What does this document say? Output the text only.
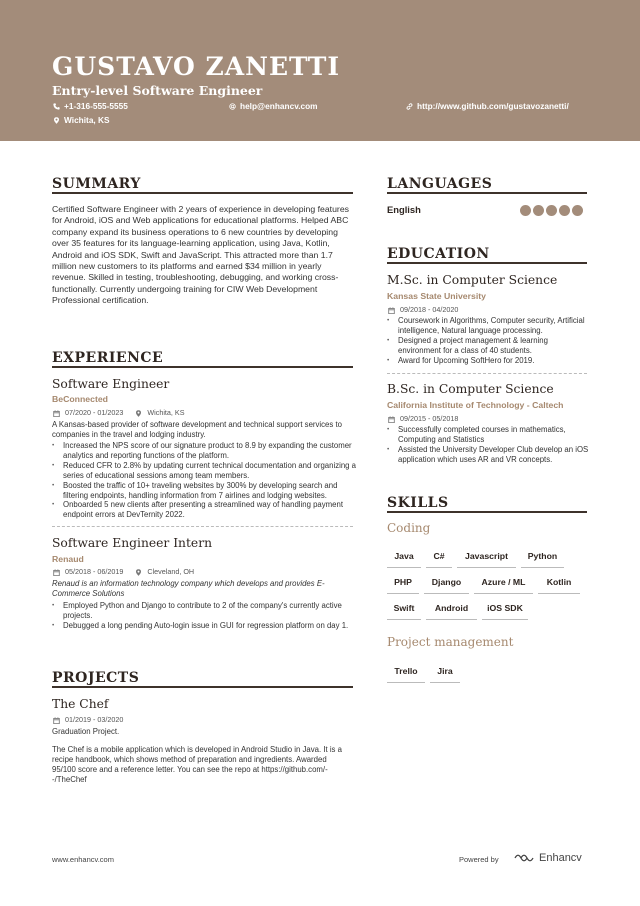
GUSTAVO ZANETTI
Entry-level Software Engineer
+1-316-555-5555	help@enhancv.com	http://www.github.com/gustavozanetti/
Wichita, KS
SUMMARY
Certified Software Engineer with 2 years of experience in developing features for Android, iOS and Web applications for educational platforms. Helped ABC company expand its business operations to 6 new countries by developing over 35 features for its language-learning application, using Java, Kotlin, Android and iOS SDK, Swift and JavaScript. This attracted more than 1.7 million new customers to its platforms and earned $34 million in yearly revenue. Skilled in testing, troubleshooting, debugging, and working cross-functionally. Currently undergoing training for CIW Web Development Professional certification.
EXPERIENCE
Software Engineer
BeConnected
07/2020 - 01/2023	Wichita, KS
A Kansas-based provider of software development and technical support services to companies in the travel and lodging industry.
• Increased the NPS score of our signature product to 8.9 by expanding the customer analytics and reporting functions of the platform.
• Reduced CFR to 2.8% by updating current technical documentation and organizing a series of educational sessions among team members.
• Boosted the traffic of 10+ traveling websites by 300% by developing search and filtering endpoints, handling information from 7 airlines and lodging websites.
• Onboarded 5 new clients after presenting a streamlined way of handling payment endpoint errors at DevTernity 2022.
Software Engineer Intern
Renaud
05/2018 - 06/2019	Cleveland, OH
Renaud is an information technology company which develops and provides E-Commerce Solutions
• Employed Python and Django to contribute to 2 of the company's currently active projects.
• Debugged a long pending Auto-login issue in GUI for regression platform on day 1.
PROJECTS
The Chef
01/2019 - 03/2020
Graduation Project.
The Chef is a mobile application which is developed in Android Studio in Java. It is a recipe handbook, which shows method of preparation and ingredients. Awarded 95/100 score and a reference letter. You can see the repo at https://github.com/--/TheChef
LANGUAGES
English
EDUCATION
M.Sc. in Computer Science
Kansas State University
09/2018 - 04/2020
• Coursework in Algorithms, Computer security, Artificial intelligence, Natural language processing.
• Designed a project management & learning environment for a class of 40 students.
• Award for Upcoming SoftHero for 2019.
B.Sc. in Computer Science
California Institute of Technology - Caltech
09/2015 - 05/2018
• Successfully completed courses in mathematics, Computing and Statistics
• Assisted the University Developer Club develop an iOS application which uses AR and VR concepts.
SKILLS
Coding
Java	C#	Javascript	Python
PHP	Django	Azure / ML	Kotlin
Swift	Android	iOS SDK
Project management
Trello	Jira
www.enhancv.com	Powered by	Enhancv
